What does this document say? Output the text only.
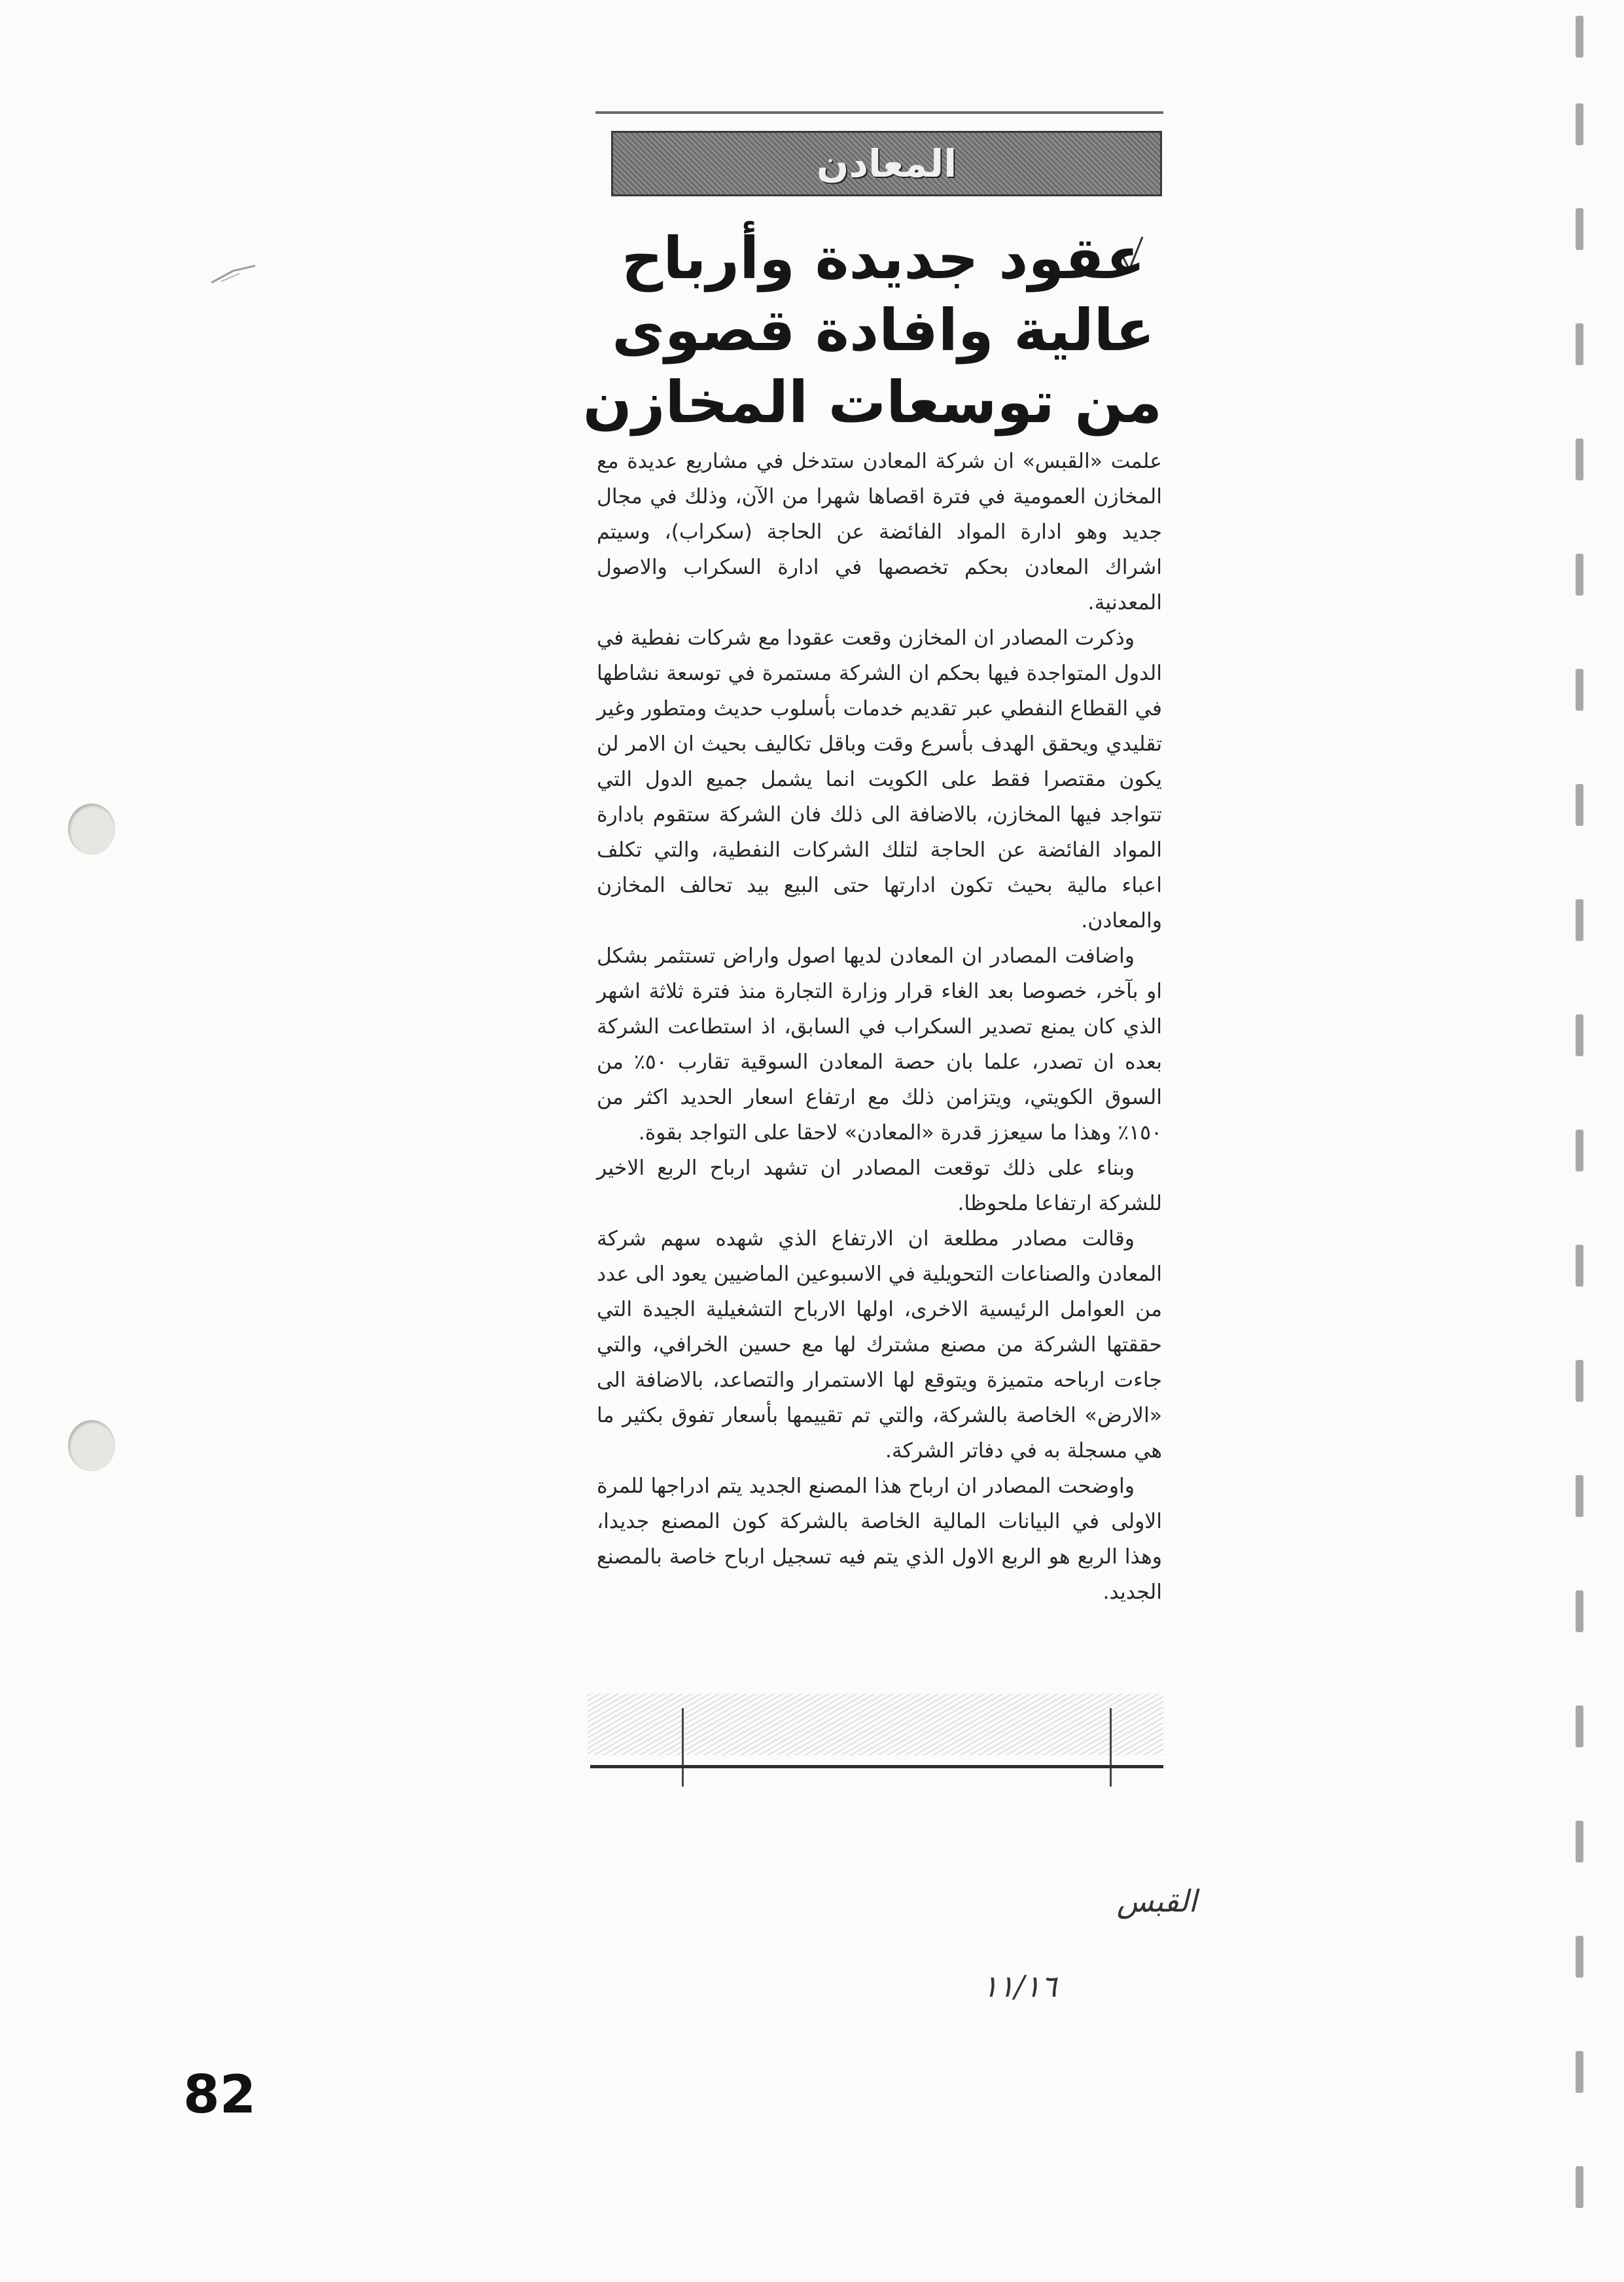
المعادن
عقود جديدة وأرباح
عالية وافادة قصوى
من توسعات المخازن

علمت «القبس» ان شركة المعادن ستدخل في مشاريع عديدة مع المخازن العمومية في فترة اقصاها شهرا من الآن، وذلك في مجال جديد وهو ادارة المواد الفائضة عن الحاجة (سكراب)، وسيتم اشراك المعادن بحكم تخصصها في ادارة السكراب والاصول المعدنية.

وذكرت المصادر ان المخازن وقعت عقودا مع شركات نفطية في الدول المتواجدة فيها بحكم ان الشركة مستمرة في توسعة نشاطها في القطاع النفطي عبر تقديم خدمات بأسلوب حديث ومتطور وغير تقليدي ويحقق الهدف بأسرع وقت وباقل تكاليف بحيث ان الامر لن يكون مقتصرا فقط على الكويت انما يشمل جميع الدول التي تتواجد فيها المخازن، بالاضافة الى ذلك فان الشركة ستقوم بادارة المواد الفائضة عن الحاجة لتلك الشركات النفطية، والتي تكلف اعباء مالية بحيث تكون ادارتها حتى البيع بيد تحالف المخازن والمعادن.

واضافت المصادر ان المعادن لديها اصول واراض تستثمر بشكل او بآخر، خصوصا بعد الغاء قرار وزارة التجارة منذ فترة ثلاثة اشهر الذي كان يمنع تصدير السكراب في السابق، اذ استطاعت الشركة بعده ان تصدر، علما بان حصة المعادن السوقية تقارب ٥٠٪ من السوق الكويتي، ويتزامن ذلك مع ارتفاع اسعار الحديد اكثر من ١٥٠٪ وهذا ما سيعزز قدرة «المعادن» لاحقا على التواجد بقوة.

وبناء على ذلك توقعت المصادر ان تشهد ارباح الربع الاخير للشركة ارتفاعا ملحوظا.

وقالت مصادر مطلعة ان الارتفاع الذي شهده سهم شركة المعادن والصناعات التحويلية في الاسبوعين الماضيين يعود الى عدد من العوامل الرئيسية الاخرى، اولها الارباح التشغيلية الجيدة التي حققتها الشركة من مصنع مشترك لها مع حسين الخرافي، والتي جاءت ارباحه متميزة ويتوقع لها الاستمرار والتصاعد، بالاضافة الى «الارض» الخاصة بالشركة، والتي تم تقييمها بأسعار تفوق بكثير ما هي مسجلة به في دفاتر الشركة.

واوضحت المصادر ان ارباح هذا المصنع الجديد يتم ادراجها للمرة الاولى في البيانات المالية الخاصة بالشركة كون المصنع جديدا، وهذا الربع هو الربع الاول الذي يتم فيه تسجيل ارباح خاصة بالمصنع الجديد.

القبس
١١/١٦
82
